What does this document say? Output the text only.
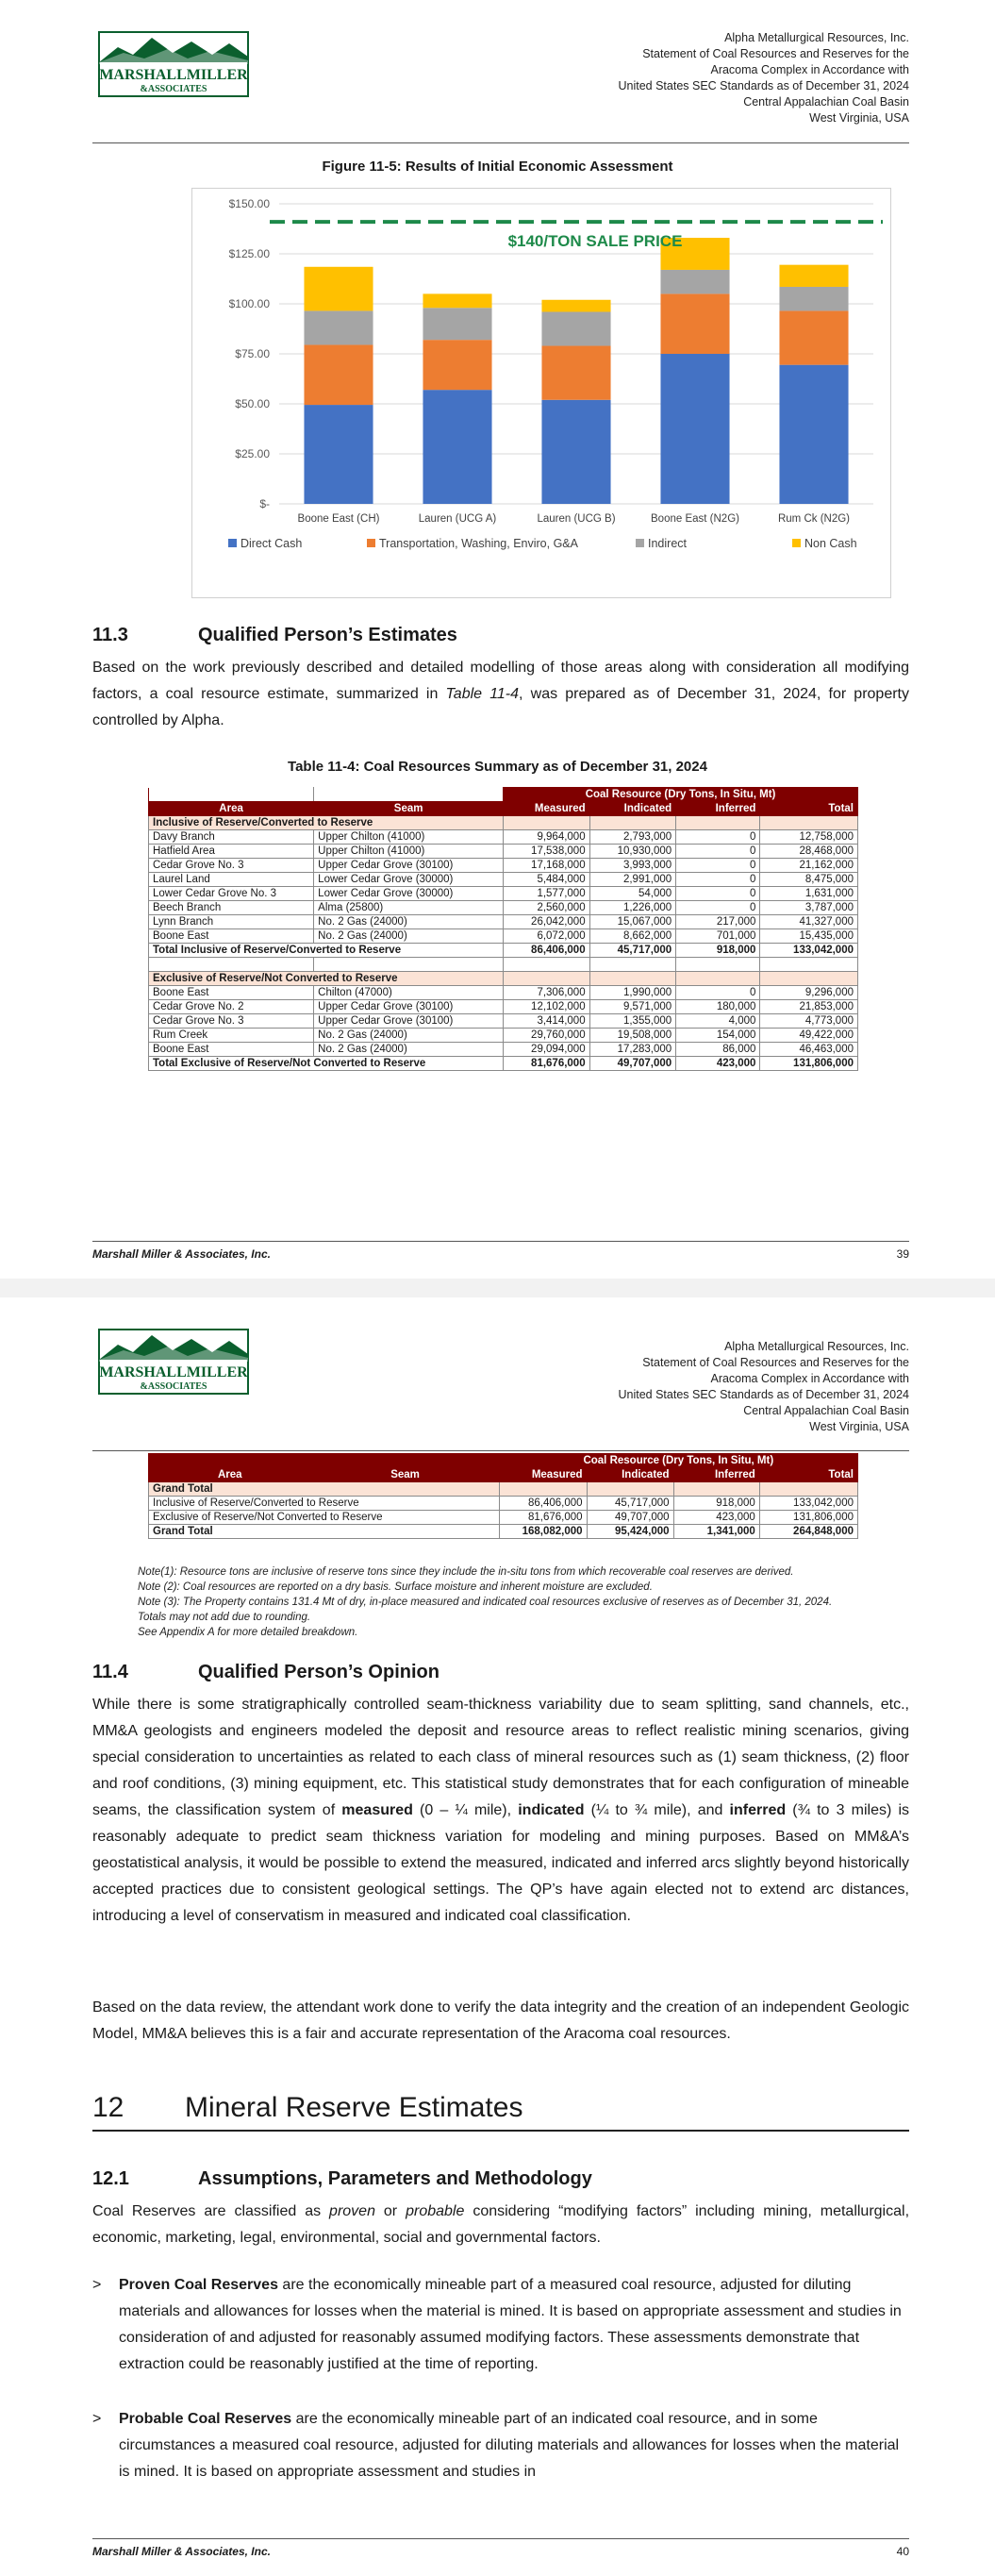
MARSHALLMILLER
&ASSOCIATES
Alpha Metallurgical Resources, Inc.
Statement of Coal Resources and Reserves for the
Aracoma Complex in Accordance with
United States SEC Standards as of December 31, 2024
Central Appalachian Coal Basin
West Virginia, USA
Figure 11-5: Results of Initial Economic Assessment
$-
$25.00
$50.00
$75.00
$100.00
$125.00
$150.00
Boone East (CH)	Lauren (UCG A)	Lauren (UCG B)	Boone East (N2G)	Rum Ck (N2G)
$140/TON SALE PRICE
Direct Cash	Transportation, Washing, Enviro, G&A	Indirect	Non Cash
11.3	Qualified Person’s Estimates
Based on the work previously described and detailed modelling of those areas along with consideration all modifying factors, a coal resource estimate, summarized in Table 11-4, was prepared as of December 31, 2024, for property controlled by Alpha.
Table 11-4: Coal Resources Summary as of December 31, 2024
		Coal Resource (Dry Tons, In Situ, Mt)			
Area	Seam	Measured	Indicated	Inferred	Total
Inclusive of Reserve/Converted to Reserve					
Davy Branch	Upper Chilton (41000)	9,964,000	2,793,000	0	12,758,000
Hatfield Area	Upper Chilton (41000)	17,538,000	10,930,000	0	28,468,000
Cedar Grove No. 3	Upper Cedar Grove (30100)	17,168,000	3,993,000	0	21,162,000
Laurel Land	Lower Cedar Grove (30000)	5,484,000	2,991,000	0	8,475,000
Lower Cedar Grove No. 3	Lower Cedar Grove (30000)	1,577,000	54,000	0	1,631,000
Beech Branch	Alma (25800)	2,560,000	1,226,000	0	3,787,000
Lynn Branch	No. 2 Gas (24000)	26,042,000	15,067,000	217,000	41,327,000
Boone East	No. 2 Gas (24000)	6,072,000	8,662,000	701,000	15,435,000
Total Inclusive of Reserve/Converted to Reserve		86,406,000	45,717,000	918,000	133,042,000

Exclusive of Reserve/Not Converted to Reserve					
Boone East	Chilton (47000)	7,306,000	1,990,000	0	9,296,000
Cedar Grove No. 2	Upper Cedar Grove (30100)	12,102,000	9,571,000	180,000	21,853,000
Cedar Grove No. 3	Upper Cedar Grove (30100)	3,414,000	1,355,000	4,000	4,773,000
Rum Creek	No. 2 Gas (24000)	29,760,000	19,508,000	154,000	49,422,000
Boone East	No. 2 Gas (24000)	29,094,000	17,283,000	86,000	46,463,000
Total Exclusive of Reserve/Not Converted to Reserve		81,676,000	49,707,000	423,000	131,806,000
Marshall Miller & Associates, Inc.	39
MARSHALLMILLER
&ASSOCIATES
Alpha Metallurgical Resources, Inc.
Statement of Coal Resources and Reserves for the
Aracoma Complex in Accordance with
United States SEC Standards as of December 31, 2024
Central Appalachian Coal Basin
West Virginia, USA
		Coal Resource (Dry Tons, In Situ, Mt)			
Area	Seam	Measured	Indicated	Inferred	Total
Grand Total					
Inclusive of Reserve/Converted to Reserve		86,406,000	45,717,000	918,000	133,042,000
Exclusive of Reserve/Not Converted to Reserve		81,676,000	49,707,000	423,000	131,806,000
Grand Total		168,082,000	95,424,000	1,341,000	264,848,000
Note(1): Resource tons are inclusive of reserve tons since they include the in-situ tons from which recoverable coal reserves are derived.
Note (2): Coal resources are reported on a dry basis. Surface moisture and inherent moisture are excluded.
Note (3): The Property contains 131.4 Mt of dry, in-place measured and indicated coal resources exclusive of reserves as of December 31, 2024.
Totals may not add due to rounding.
See Appendix A for more detailed breakdown.
11.4	Qualified Person’s Opinion
While there is some stratigraphically controlled seam-thickness variability due to seam splitting, sand channels, etc., MM&A geologists and engineers modeled the deposit and resource areas to reflect realistic mining scenarios, giving special consideration to uncertainties as related to each class of mineral resources such as (1) seam thickness, (2) floor and roof conditions, (3) mining equipment, etc. This statistical study demonstrates that for each configuration of mineable seams, the classification system of measured (0 – ¼ mile), indicated (¼ to ¾ mile), and inferred (¾ to 3 miles) is reasonably adequate to predict seam thickness variation for modeling and mining purposes. Based on MM&A’s geostatistical analysis, it would be possible to extend the measured, indicated and inferred arcs slightly beyond historically accepted practices due to consistent geological settings. The QP’s have again elected not to extend arc distances, introducing a level of conservatism in measured and indicated coal classification.
Based on the data review, the attendant work done to verify the data integrity and the creation of an independent Geologic Model, MM&A believes this is a fair and accurate representation of the Aracoma coal resources.
12 Mineral Reserve Estimates
12.1	Assumptions, Parameters and Methodology
Coal Reserves are classified as proven or probable considering “modifying factors” including mining, metallurgical, economic, marketing, legal, environmental, social and governmental factors.
> Proven Coal Reserves are the economically mineable part of a measured coal resource, adjusted for diluting materials and allowances for losses when the material is mined. It is based on appropriate assessment and studies in consideration of and adjusted for reasonably assumed modifying factors. These assessments demonstrate that extraction could be reasonably justified at the time of reporting.
> Probable Coal Reserves are the economically mineable part of an indicated coal resource, and in some circumstances a measured coal resource, adjusted for diluting materials and allowances for losses when the material is mined. It is based on appropriate assessment and studies in
Marshall Miller & Associates, Inc.	40
